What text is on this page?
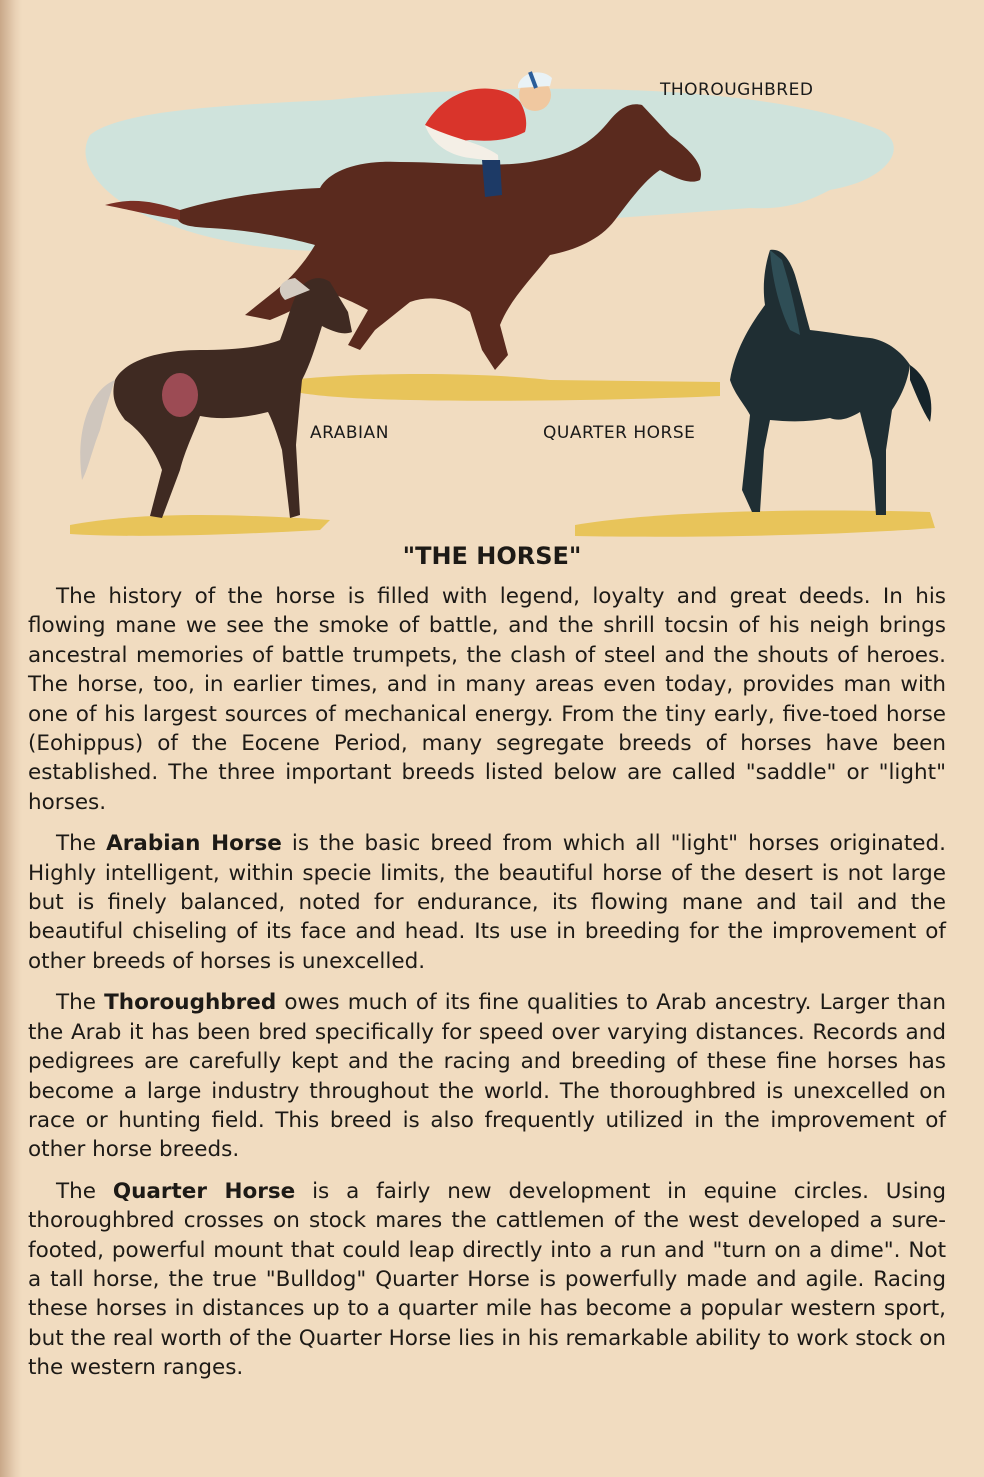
THOROUGHBRED
ARABIAN	QUARTER HORSE
"THE HORSE"

The history of the horse is filled with legend, loyalty and great deeds. In his flowing mane we see the smoke of battle, and the shrill tocsin of his neigh brings ancestral memories of battle trumpets, the clash of steel and the shouts of heroes. The horse, too, in earlier times, and in many areas even today, provides man with one of his largest sources of mechanical energy. From the tiny early, five-toed horse (Eohippus) of the Eocene Period, many segregate breeds of horses have been established. The three important breeds listed below are called "saddle" or "light" horses.

The Arabian Horse is the basic breed from which all "light" horses originated. Highly intelligent, within specie limits, the beautiful horse of the desert is not large but is finely balanced, noted for endurance, its flowing mane and tail and the beautiful chiseling of its face and head. Its use in breeding for the improvement of other breeds of horses is unexcelled.

The Thoroughbred owes much of its fine qualities to Arab ancestry. Larger than the Arab it has been bred specifically for speed over varying distances. Records and pedigrees are carefully kept and the racing and breeding of these fine horses has become a large industry throughout the world. The thoroughbred is unexcelled on race or hunting field. This breed is also frequently utilized in the improvement of other horse breeds.

The Quarter Horse is a fairly new development in equine circles. Using thoroughbred crosses on stock mares the cattlemen of the west developed a sure-footed, powerful mount that could leap directly into a run and "turn on a dime". Not a tall horse, the true "Bulldog" Quarter Horse is powerfully made and agile. Racing these horses in distances up to a quarter mile has become a popular western sport, but the real worth of the Quarter Horse lies in his remarkable ability to work stock on the western ranges.
